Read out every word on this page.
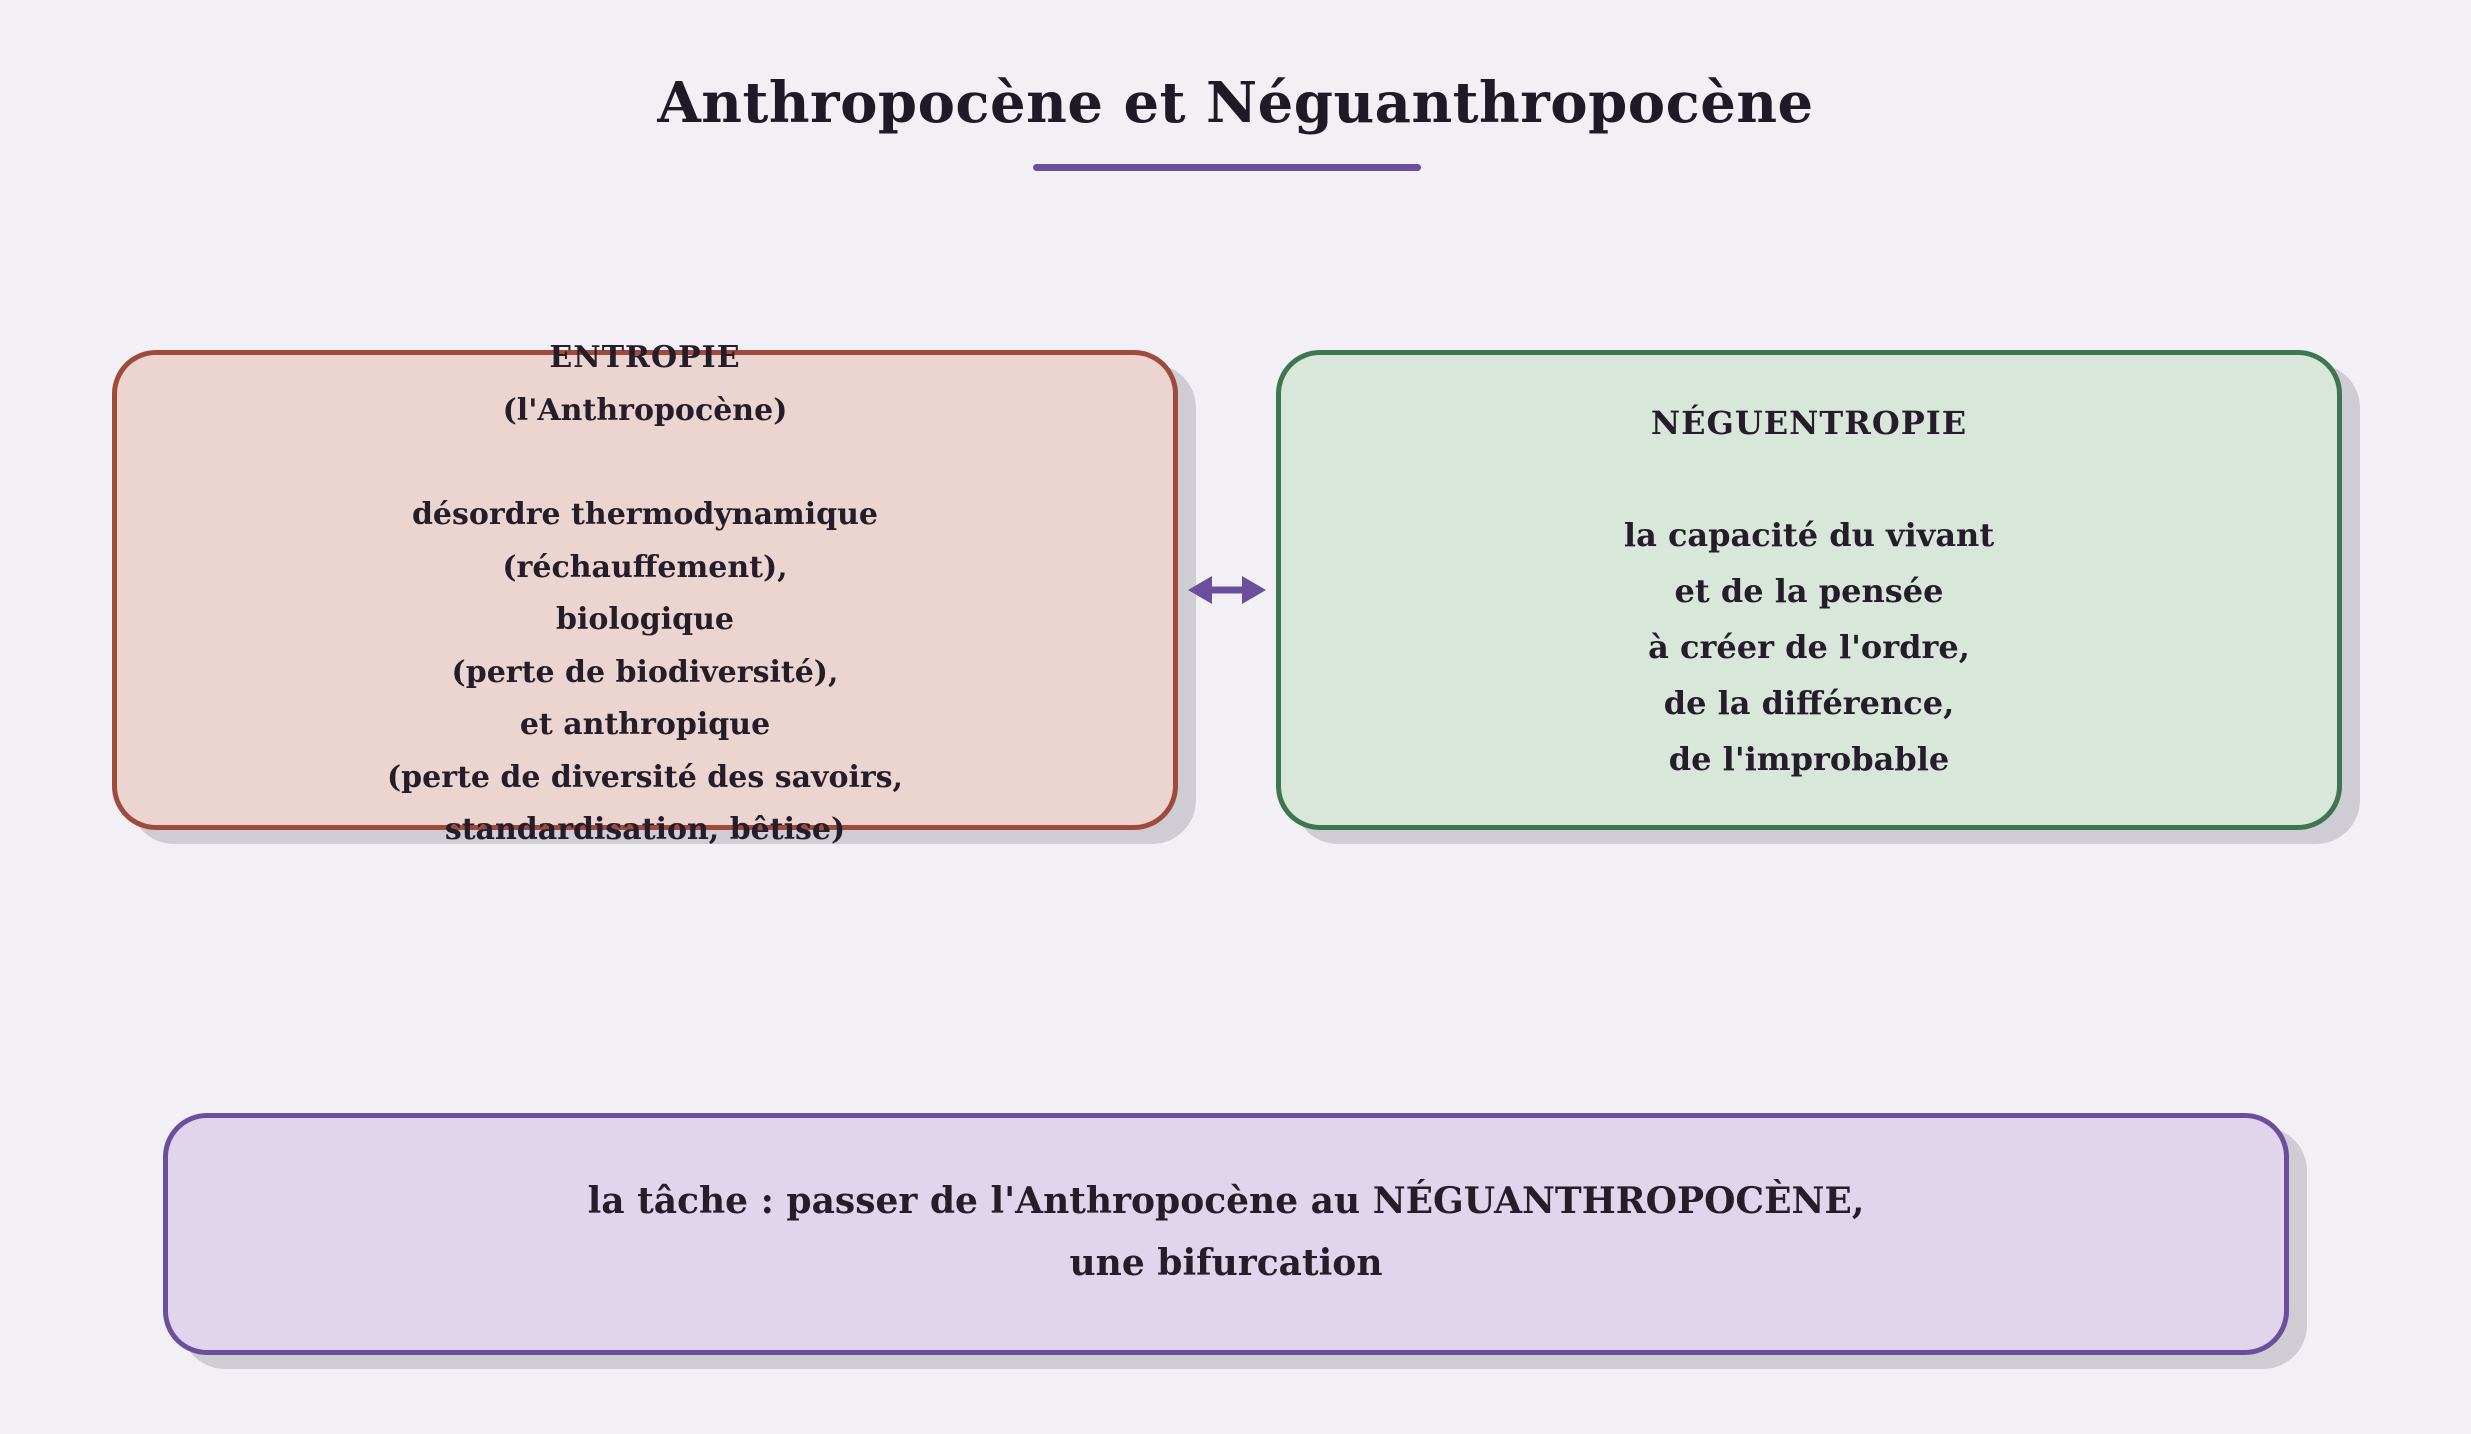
Anthropocène et Néguanthropocène
ENTROPIE
(l'Anthropocène)
désordre thermodynamique
(réchauffement),
biologique
(perte de biodiversité),
et anthropique
(perte de diversité des savoirs,
standardisation, bêtise)
NÉGUENTROPIE
la capacité du vivant
et de la pensée
à créer de l'ordre,
de la différence,
de l'improbable
la tâche : passer de l'Anthropocène au NÉGUANTHROPOCÈNE,
une bifurcation
